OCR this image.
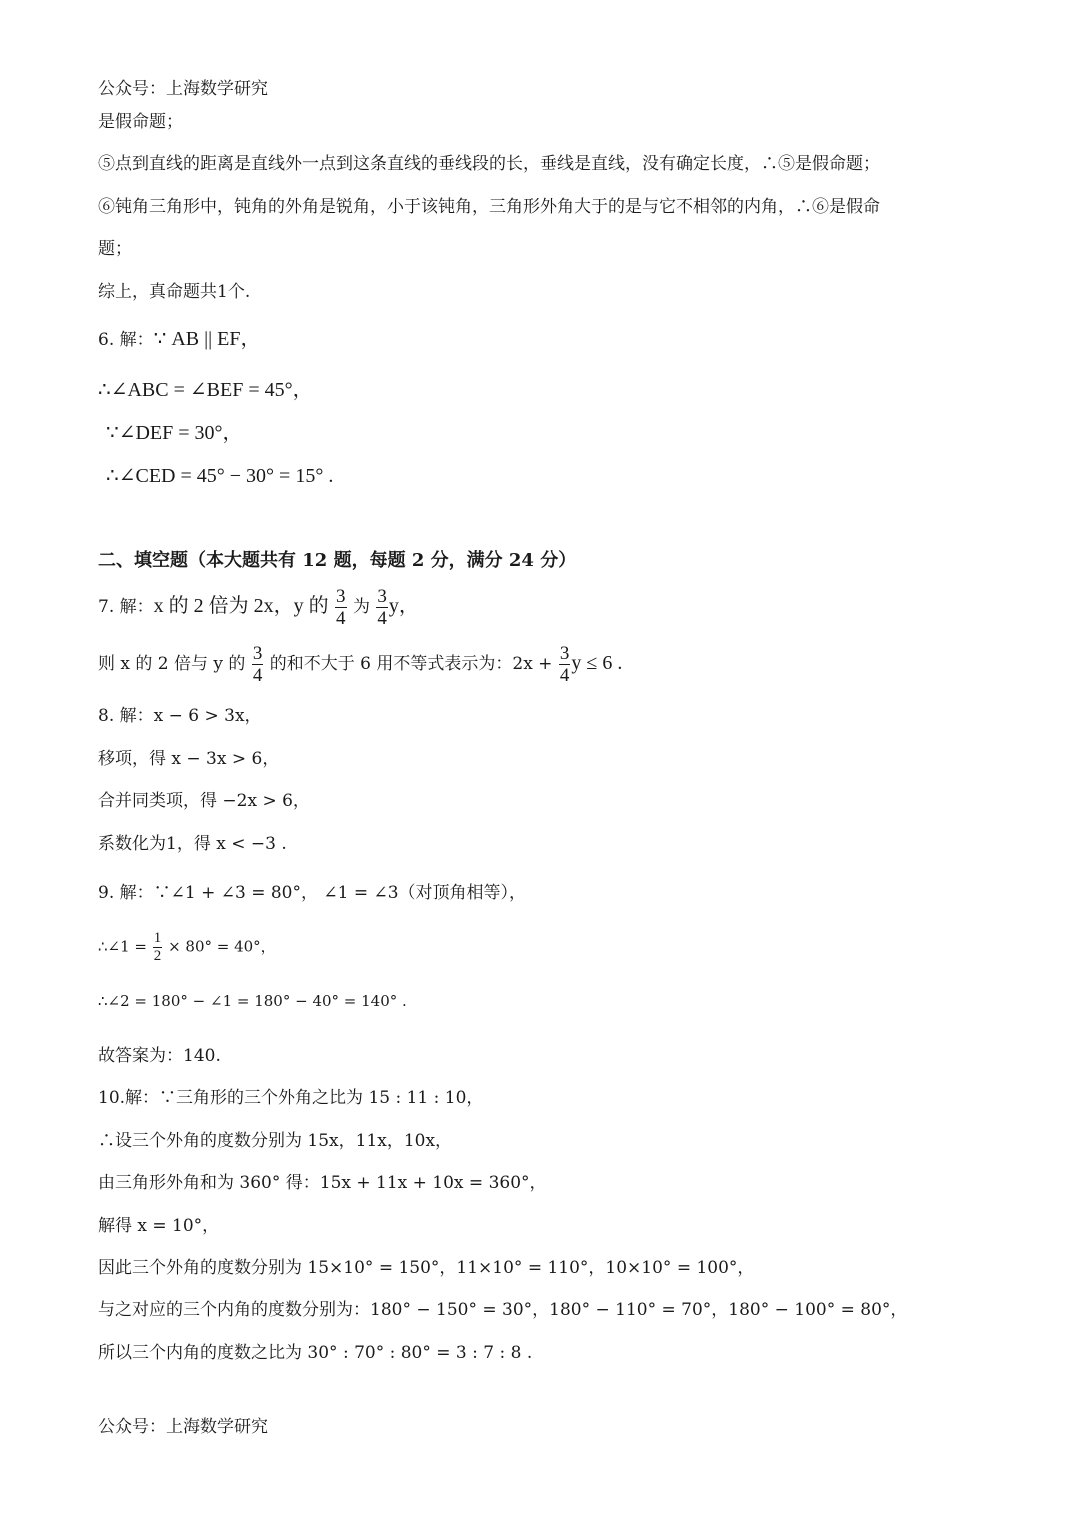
公众号：上海数学研究
是假命题；
⑤点到直线的距离是直线外一点到这条直线的垂线段的长，垂线是直线，没有确定长度，∴⑤是假命题；
⑥钝角三角形中，钝角的外角是锐角，小于该钝角，三角形外角大于的是与它不相邻的内角，∴⑥是假命
题；
综上，真命题共1个.
6. 解：∵ AB || EF，
∴∠ABC = ∠BEF = 45°，
∵∠DEF = 30°，
∴∠CED = 45° − 30° = 15° .
二、填空题（本大题共有 12 题，每题 2 分，满分 24 分）
7. 解：x 的 2 倍为 2x，y 的 $\frac{3}{4}$ 为 $\frac{3}{4}$ y，
则 x 的 2 倍与 y 的 $\frac{3}{4}$ 的和不大于 6 用不等式表示为：$2x + \frac{3}{4}$ y ≤ 6 .
8. 解：x − 6 > 3x，
移项，得 x − 3x > 6，
合并同类项，得 −2x > 6，
系数化为1，得 x < −3 .
9. 解：∵∠1 + ∠3 = 80°， ∠1 = ∠3（对顶角相等），
∴∠1 = $\frac{1}{2} \times 80^\circ = 40^\circ$，
∴∠2 = 180° − ∠1 = 180° − 40° = 140° .
故答案为：140.
10.解：∵三角形的三个外角之比为 15 : 11 : 10，
∴设三个外角的度数分别为 15x，11x，10x，
由三角形外角和为 360° 得：15x + 11x + 10x = 360°，
解得 x = 10°，
因此三个外角的度数分别为 15×10° = 150°，11×10° = 110°，10×10° = 100°，
与之对应的三个内角的度数分别为：180° − 150° = 30°，180° − 110° = 70°，180° − 100° = 80°，
所以三个内角的度数之比为 30° : 70° : 80° = 3 : 7 : 8 .
公众号：上海数学研究
